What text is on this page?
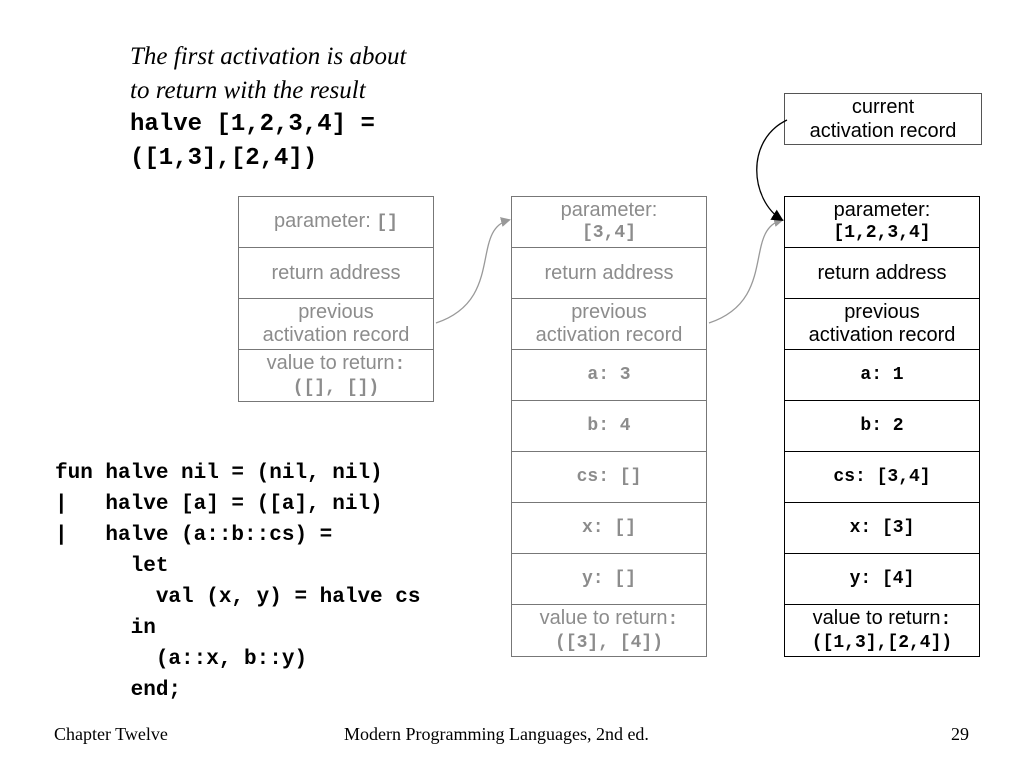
The first activation is about
to return with the result
halve [1,2,3,4] =
([1,3],[2,4])
current
activation record
parameter: []
return address
previous
activation record
value to return:
([], [])
parameter:
[3,4]
return address
previous
activation record
a: 3
b: 4
cs: []
x: []
y: []
value to return:
([3], [4])
parameter:
[1,2,3,4]
return address
previous
activation record
a: 1
b: 2
cs: [3,4]
x: [3]
y: [4]
value to return:
([1,3],[2,4])
fun halve nil = (nil, nil)
|   halve [a] = ([a], nil)
|   halve (a::b::cs) =
let
val (x, y) = halve cs
in
(a::x, b::y)
end;
Chapter Twelve	Modern Programming Languages, 2nd ed.	29
